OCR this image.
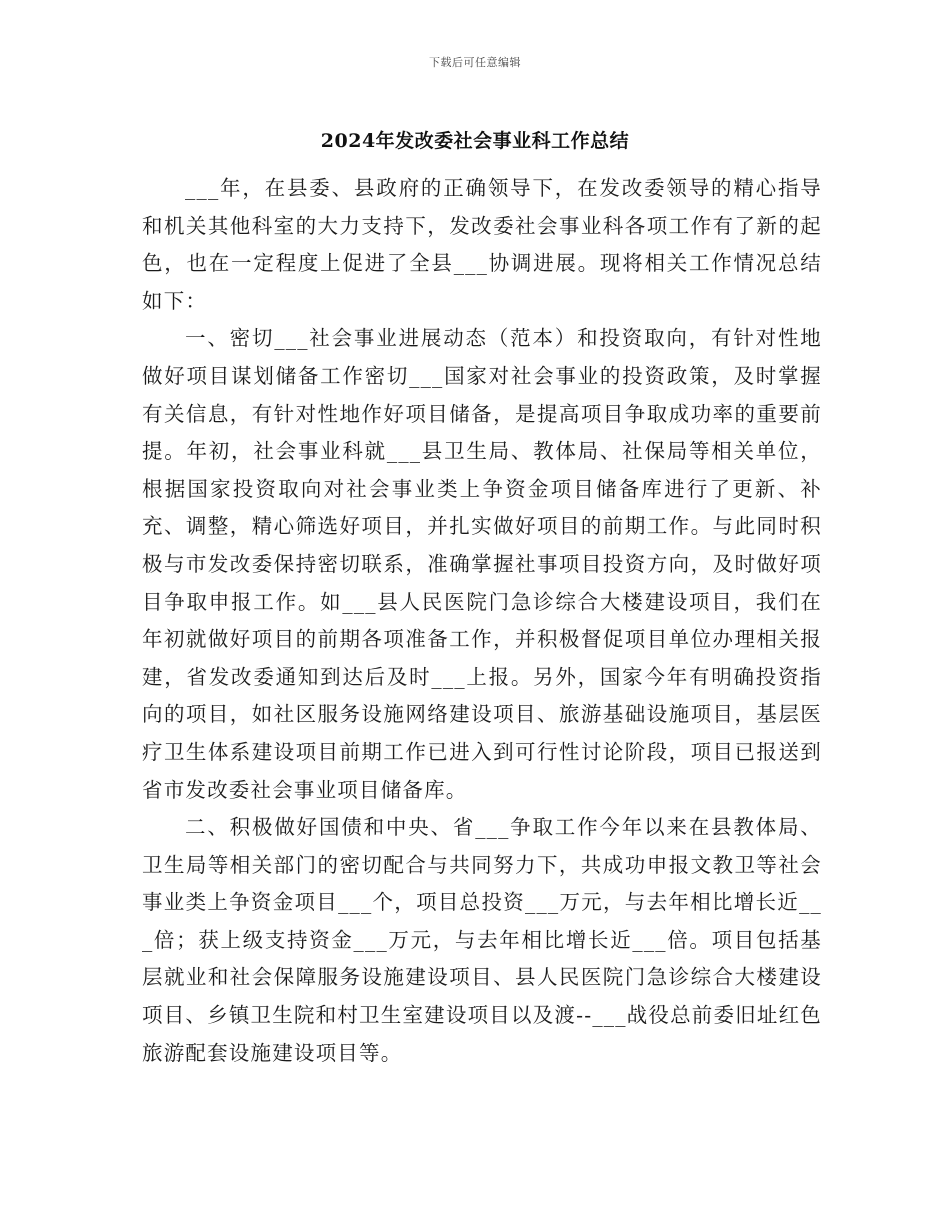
下载后可任意编辑
2024年发改委社会事业科工作总结

___年，在县委、县政府的正确领导下，在发改委领导的精心指导和机关其他科室的大力支持下，发改委社会事业科各项工作有了新的起色，也在一定程度上促进了全县___协调进展。现将相关工作情况总结如下：

一、密切___社会事业进展动态（范本）和投资取向，有针对性地做好项目谋划储备工作密切___国家对社会事业的投资政策，及时掌握有关信息，有针对性地作好项目储备，是提高项目争取成功率的重要前提。年初，社会事业科就___县卫生局、教体局、社保局等相关单位，根据国家投资取向对社会事业类上争资金项目储备库进行了更新、补充、调整，精心筛选好项目，并扎实做好项目的前期工作。与此同时积极与市发改委保持密切联系，准确掌握社事项目投资方向，及时做好项目争取申报工作。如___县人民医院门急诊综合大楼建设项目，我们在年初就做好项目的前期各项准备工作，并积极督促项目单位办理相关报建，省发改委通知到达后及时___上报。另外，国家今年有明确投资指向的项目，如社区服务设施网络建设项目、旅游基础设施项目，基层医疗卫生体系建设项目前期工作已进入到可行性讨论阶段，项目已报送到省市发改委社会事业项目储备库。

二、积极做好国债和中央、省___争取工作今年以来在县教体局、卫生局等相关部门的密切配合与共同努力下，共成功申报文教卫等社会事业类上争资金项目___个，项目总投资___万元，与去年相比增长近___倍；获上级支持资金___万元，与去年相比增长近___倍。项目包括基层就业和社会保障服务设施建设项目、县人民医院门急诊综合大楼建设项目、乡镇卫生院和村卫生室建设项目以及渡--___战役总前委旧址红色旅游配套设施建设项目等。
